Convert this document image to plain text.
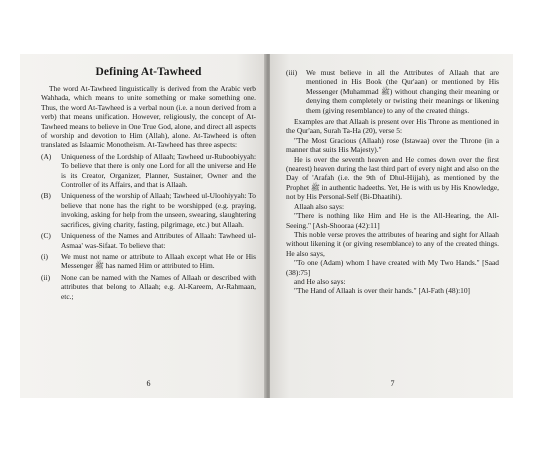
Defining At-Tawheed

The word At-Tawheed linguistically is derived from the Arabic verb Wahhada, which means to unite something or make something one. Thus, the word At-Tawheed is a verbal noun (i.e. a noun derived from a verb) that means unification. However, religiously, the concept of At-Tawheed means to believe in One True God, alone, and direct all aspects of worship and devotion to Him (Allah), alone. At-Tawheed is often translated as Islaamic Monotheism. At-Tawheed has three aspects:

(A)	Uniqueness of the Lordship of Allaah; Tawheed ur-Ruboobiyyah: To believe that there is only one Lord for all the universe and He is its Creator, Organizer, Planner, Sustainer, Owner and the Controller of its Affairs, and that is Allaah.
(B)	Uniqueness of the worship of Allaah; Tawheed ul-Uloohiyyah: To believe that none has the right to be worshipped (e.g. praying, invoking, asking for help from the unseen, swearing, slaughtering sacrifices, giving charity, fasting, pilgrimage, etc.) but Allaah.
(C)	Uniqueness of the Names and Attributes of Allaah: Tawheed ul-Asmaa' was-Sifaat. To believe that:
(i)	We must not name or attribute to Allaah except what He or His Messenger ﷺ has named Him or attributed to Him.
(ii)	None can be named with the Names of Allaah or described with attributes that belong to Allaah; e.g. Al-Kareem, Ar-Rahmaan, etc.;
6
(iii)	We must believe in all the Attributes of Allaah that are mentioned in His Book (the Qur'aan) or mentioned by His Messenger (Muhammad ﷺ) without changing their meaning or denying them completely or twisting their meanings or likening them (giving resemblance) to any of the created things.

Examples are that Allaah is present over His Throne as mentioned in the Qur'aan, Surah Ta-Ha (20), verse 5:

"The Most Gracious (Allaah) rose (Istawaa) over the Throne (in a manner that suits His Majesty)."

He is over the seventh heaven and He comes down over the first (nearest) heaven during the last third part of every night and also on the Day of 'Arafah (i.e. the 9th of Dhul-Hijjah), as mentioned by the Prophet ﷺ in authentic hadeeths. Yet, He is with us by His Knowledge, not by His Personal-Self (Bi-Dhaatihi).

Allaah also says:

"There is nothing like Him and He is the All-Hearing, the All-Seeing." [Ash-Shooraa (42):11]

This noble verse proves the attributes of hearing and sight for Allaah without likening it (or giving resemblance) to any of the created things. He also says,

"To one (Adam) whom I have created with My Two Hands." [Saad (38):75]

and He also says:

"The Hand of Allaah is over their hands." [Al-Fath (48):10]

7
